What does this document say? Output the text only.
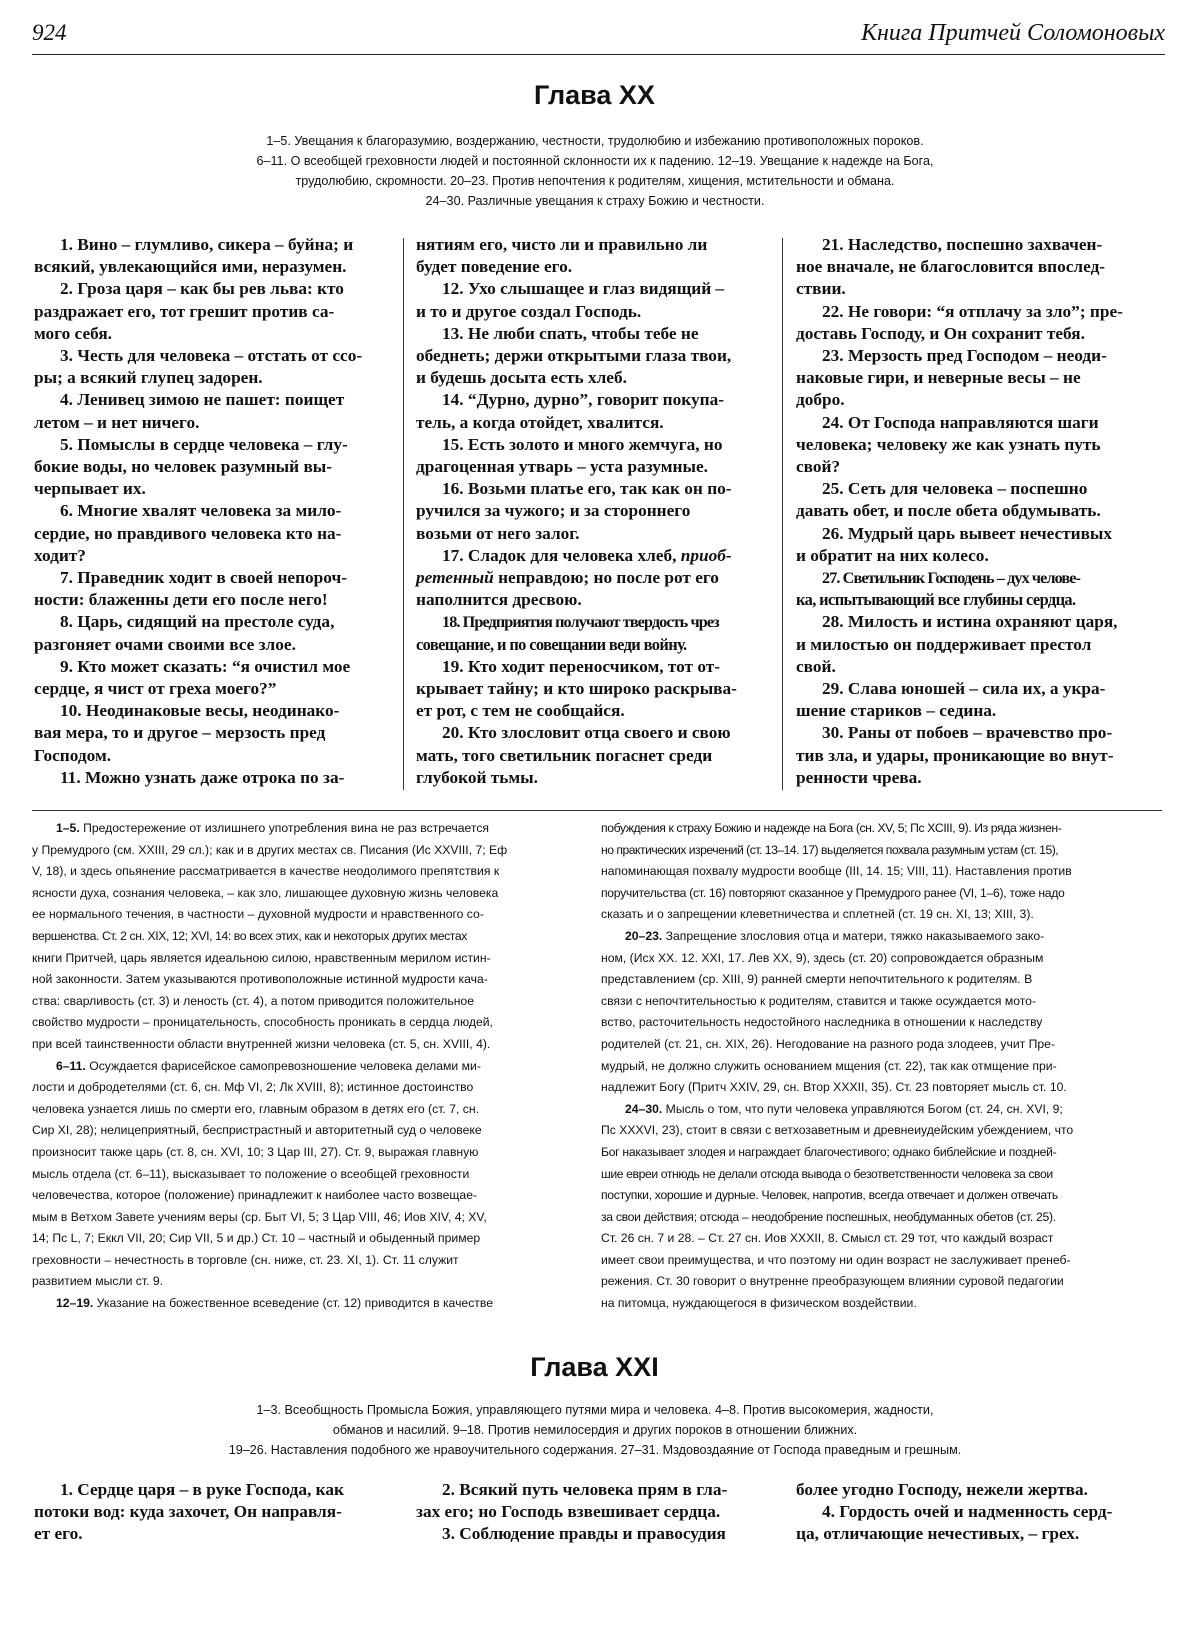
924	Книга Притчей Соломоновых
Глава XX
1–5. Увещания к благоразумию, воздержанию, честности, трудолюбию и избежанию противоположных пороков.
6–11. О всеобщей греховности людей и постоянной склонности их к падению. 12–19. Увещание к надежде на Бога,
трудолюбию, скромности. 20–23. Против непочтения к родителям, хищения, мстительности и обмана.
24–30. Различные увещания к страху Божию и честности.
1. Вино – глумливо, сикера – буйна; и
всякий, увлекающийся ими, неразумен.
2. Гроза царя – как бы рев льва: кто
раздражает его, тот грешит против са-
мого себя.
3. Честь для человека – отстать от ссо-
ры; а всякий глупец задорен.
4. Ленивец зимою не пашет: поищет
летом – и нет ничего.
5. Помыслы в сердце человека – глу-
бокие воды, но человек разумный вы-
черпывает их.
6. Многие хвалят человека за мило-
сердие, но правдивого человека кто на-
ходит?
7. Праведник ходит в своей непороч-
ности: блаженны дети его после него!
8. Царь, сидящий на престоле суда,
разгоняет очами своими все злое.
9. Кто может сказать: “я очистил мое
сердце, я чист от греха моего?”
10. Неодинаковые весы, неодинако-
вая мера, то и другое – мерзость пред
Господом.
11. Можно узнать даже отрока по за-
нятиям его, чисто ли и правильно ли
будет поведение его.
12. Ухо слышащее и глаз видящий –
и то и другое создал Господь.
13. Не люби спать, чтобы тебе не
обеднеть; держи открытыми глаза твои,
и будешь досыта есть хлеб.
14. “Дурно, дурно”, говорит покупа-
тель, а когда отойдет, хвалится.
15. Есть золото и много жемчуга, но
драгоценная утварь – уста разумные.
16. Возьми платье его, так как он по-
ручился за чужого; и за стороннего
возьми от него залог.
17. Сладок для человека хлеб, приоб-
ретенный неправдою; но после рот его
наполнится дресвою.
18. Предприятия получают твердость чрез
совещание, и по совещании веди войну.
19. Кто ходит переносчиком, тот от-
крывает тайну; и кто широко раскрыва-
ет рот, с тем не сообщайся.
20. Кто злословит отца своего и свою
мать, того светильник погаснет среди
глубокой тьмы.
21. Наследство, поспешно захвачен-
ное вначале, не благословится впослед-
ствии.
22. Не говори: “я отплачу за зло”; пре-
доставь Господу, и Он сохранит тебя.
23. Мерзость пред Господом – неоди-
наковые гири, и неверные весы – не
добро.
24. От Господа направляются шаги
человека; человеку же как узнать путь
свой?
25. Сеть для человека – поспешно
давать обет, и после обета обдумывать.
26. Мудрый царь вывеет нечестивых
и обратит на них колесо.
27. Светильник Господень – дух челове-
ка, испытывающий все глубины сердца.
28. Милость и истина охраняют царя,
и милостью он поддерживает престол
свой.
29. Слава юношей – сила их, а укра-
шение стариков – седина.
30. Раны от побоев – врачевство про-
тив зла, и удары, проникающие во внут-
ренности чрева.
1–5. Предостережение от излишнего употребления вина не раз встречается
у Премудрого (см. XXIII, 29 сл.); как и в других местах св. Писания (Ис XXVIII, 7; Еф
V, 18), и здесь опьянение рассматривается в качестве неодолимого препятствия к
ясности духа, сознания человека, – как зло, лишающее духовную жизнь человека
ее нормального течения, в частности – духовной мудрости и нравственного со-
вершенства. Ст. 2 сн. XIX, 12; XVI, 14: во всех этих, как и некоторых других местах
книги Притчей, царь является идеальною силою, нравственным мерилом истин-
ной законности. Затем указываются противоположные истинной мудрости кача-
ства: сварливость (ст. 3) и леность (ст. 4), а потом приводится положительное
свойство мудрости – проницательность, способность проникать в сердца людей,
при всей таинственности области внутренней жизни человека (ст. 5, сн. XVIII, 4).
6–11. Осуждается фарисейское самопревозношение человека делами ми-
лости и добродетелями (ст. 6, сн. Мф VI, 2; Лк XVIII, 8); истинное достоинство
человека узнается лишь по смерти его, главным образом в детях его (ст. 7, сн.
Сир XI, 28); нелицеприятный, беспристрастный и авторитетный суд о человеке
произносит также царь (ст. 8, сн. XVI, 10; 3 Цар III, 27). Ст. 9, выражая главную
мысль отдела (ст. 6–11), высказывает то положение о всеобщей греховности
человечества, которое (положение) принадлежит к наиболее часто возвещае-
мым в Ветхом Завете учениям веры (ср. Быт VI, 5; 3 Цар VIII, 46; Иов XIV, 4; XV,
14; Пс L, 7; Еккл VII, 20; Сир VII, 5 и др.) Ст. 10 – частный и обыденный пример
греховности – нечестность в торговле (сн. ниже, ст. 23. XI, 1). Ст. 11 служит
развитием мысли ст. 9.
12–19. Указание на божественное всеведение (ст. 12) приводится в качестве
побуждения к страху Божию и надежде на Бога (сн. XV, 5; Пс XCIII, 9). Из ряда жизнен-
но практических изречений (ст. 13–14. 17) выделяется похвала разумным устам (ст. 15),
напоминающая похвалу мудрости вообще (III, 14. 15; VIII, 11). Наставления против
поручительства (ст. 16) повторяют сказанное у Премудрого ранее (VI, 1–6), тоже надо
сказать и о запрещении клеветничества и сплетней (ст. 19 сн. XI, 13; XIII, 3).
20–23. Запрещение злословия отца и матери, тяжко наказываемого зако-
ном, (Исх XX. 12. XXI, 17. Лев XX, 9), здесь (ст. 20) сопровождается образным
представлением (ср. XIII, 9) ранней смерти непочтительного к родителям. В
связи с непочтительностью к родителям, ставится и также осуждается мото-
вство, расточительность недостойного наследника в отношении к наследству
родителей (ст. 21, сн. XIX, 26). Негодование на разного рода злодеев, учит Пре-
мудрый, не должно служить основанием мщения (ст. 22), так как отмщение при-
надлежит Богу (Притч XXIV, 29, сн. Втор XXXII, 35). Ст. 23 повторяет мысль ст. 10.
24–30. Мысль о том, что пути человека управляются Богом (ст. 24, сн. XVI, 9;
Пс XXXVI, 23), стоит в связи с ветхозаветным и древнеиудейским убеждением, что
Бог наказывает злодея и награждает благочестивого; однако библейские и поздней-
шие евреи отнюдь не делали отсюда вывода о безответственности человека за свои
поступки, хорошие и дурные. Человек, напротив, всегда отвечает и должен отвечать
за свои действия; отсюда – неодобрение поспешных, необдуманных обетов (ст. 25).
Ст. 26 сн. 7 и 28. – Ст. 27 сн. Иов XXXII, 8. Смысл ст. 29 тот, что каждый возраст
имеет свои преимущества, и что поэтому ни один возраст не заслуживает пренеб-
режения. Ст. 30 говорит о внутренне преобразующем влиянии суровой педагогии
на питомца, нуждающегося в физическом воздействии.
Глава XXI
1–3. Всеобщность Промысла Божия, управляющего путями мира и человека. 4–8. Против высокомерия, жадности,
обманов и насилий. 9–18. Против немилосердия и других пороков в отношении ближних.
19–26. Наставления подобного же нравоучительного содержания. 27–31. Мздовоздаяние от Господа праведным и грешным.
1. Сердце царя – в руке Господа, как
потоки вод: куда захочет, Он направля-
ет его.
2. Всякий путь человека прям в гла-
зах его; но Господь взвешивает сердца.
3. Соблюдение правды и правосудия
более угодно Господу, нежели жертва.
4. Гордость очей и надменность серд-
ца, отличающие нечестивых, – грех.
